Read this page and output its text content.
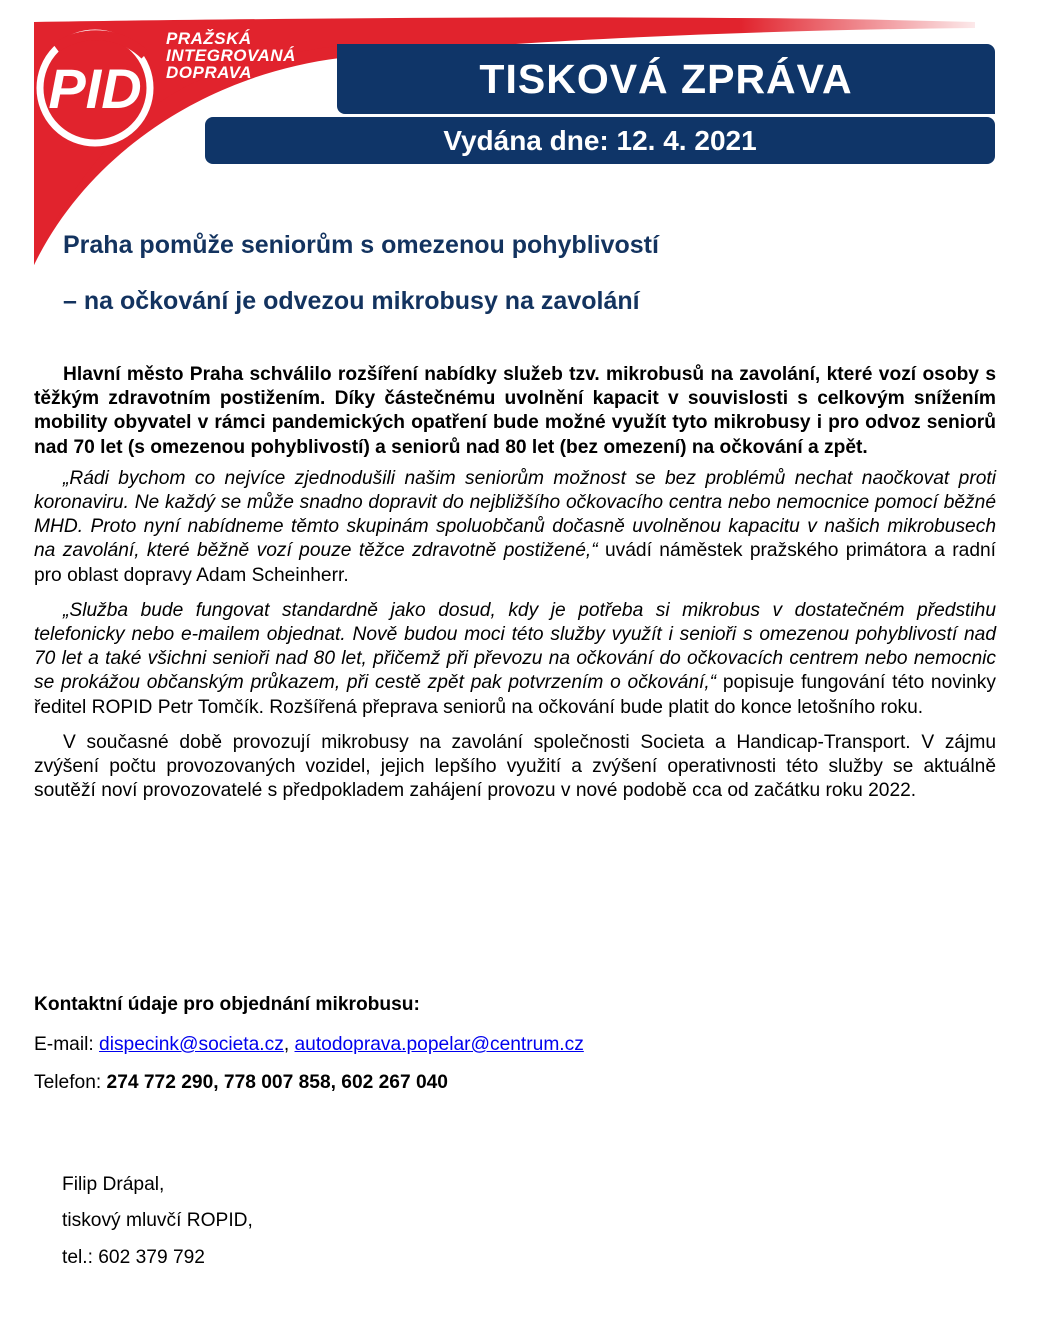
PID
PRAŽSKÁ
INTEGROVANÁ
DOPRAVA	TISKOVÁ ZPRÁVA
Vydána dne: 12. 4. 2021
Praha pomůže seniorům s omezenou pohyblivostí
– na očkování je odvezou mikrobusy na zavolání

Hlavní město Praha schválilo rozšíření nabídky služeb tzv. mikrobusů na zavolání, které vozí osoby s těžkým zdravotním postižením. Díky částečnému uvolnění kapacit v souvislosti s celkovým snížením mobility obyvatel v rámci pandemických opatření bude možné využít tyto mikrobusy i pro odvoz seniorů nad 70 let (s omezenou pohyblivostí) a seniorů nad 80 let (bez omezení) na očkování a zpět.

„Rádi bychom co nejvíce zjednodušili našim seniorům možnost se bez problémů nechat naočkovat proti koronaviru. Ne každý se může snadno dopravit do nejbližšího očkovacího centra nebo nemocnice pomocí běžné MHD. Proto nyní nabídneme těmto skupinám spoluobčanů dočasně uvolněnou kapacitu v našich mikrobusech na zavolání, které běžně vozí pouze těžce zdravotně postižené,“ uvádí náměstek pražského primátora a radní pro oblast dopravy Adam Scheinherr.

„Služba bude fungovat standardně jako dosud, kdy je potřeba si mikrobus v dostatečném předstihu telefonicky nebo e-mailem objednat. Nově budou moci této služby využít i senioři s omezenou pohyblivostí nad 70 let a také všichni senioři nad 80 let, přičemž při převozu na očkování do očkovacích centrem nebo nemocnic se prokážou občanským průkazem, při cestě zpět pak potvrzením o očkování,“ popisuje fungování této novinky ředitel ROPID Petr Tomčík. Rozšířená přeprava seniorů na očkování bude platit do konce letošního roku.

V současné době provozují mikrobusy na zavolání společnosti Societa a Handicap-Transport. V zájmu zvýšení počtu provozovaných vozidel, jejich lepšího využití a zvýšení operativnosti této služby se aktuálně soutěží noví provozovatelé s předpokladem zahájení provozu v nové podobě cca od začátku roku 2022.

Kontaktní údaje pro objednání mikrobusu:
E-mail: dispecink@societa.cz, autodoprava.popelar@centrum.cz
Telefon: 274 772 290, 778 007 858, 602 267 040
Filip Drápal,
tiskový mluvčí ROPID,
tel.: 602 379 792
